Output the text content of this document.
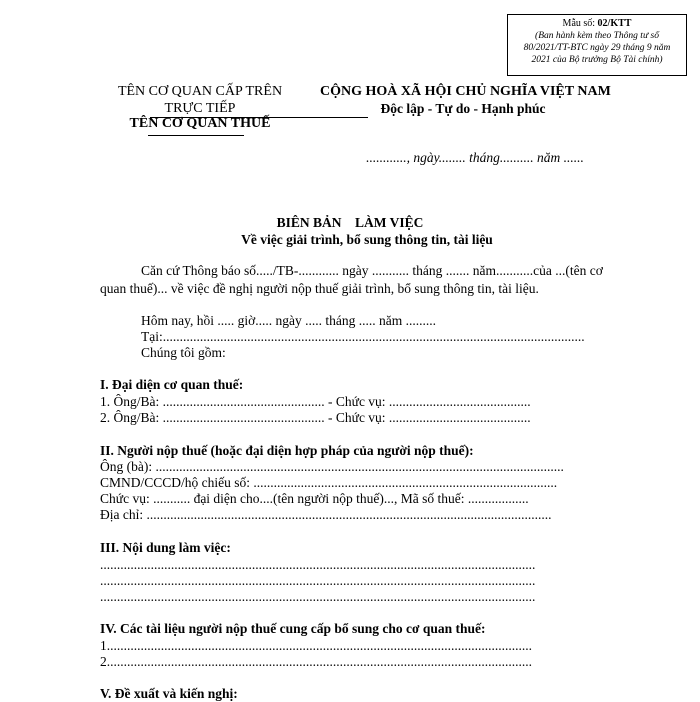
Mẫu số: 02/KTT
(Ban hành kèm theo Thông tư số
80/2021/TT-BTC ngày 29 tháng 9 năm
2021 của Bộ trưởng Bộ Tài chính)
TÊN CƠ QUAN CẤP TRÊN
TRỰC TIẾP
TÊN CƠ QUAN THUẾ
CỘNG HOÀ XÃ HỘI CHỦ NGHĨA VIỆT NAM
Độc lập - Tự do - Hạnh phúc
............, ngày........ tháng.......... năm ......
BIÊN BẢN    LÀM VIỆC
Về việc giải trình, bổ sung thông tin, tài liệu
Căn cứ Thông báo số...../TB-............ ngày ........... tháng ....... năm...........của ...(tên cơ
quan thuế)... về việc đề nghị người nộp thuế giải trình, bổ sung thông tin, tài liệu.
Hôm nay, hồi ..... giờ..... ngày ..... tháng ..... năm .........
Tại:.............................................................................................................................
Chúng tôi gồm:
I. Đại diện cơ quan thuế:
1. Ông/Bà: ................................................ - Chức vụ: ..........................................
2. Ông/Bà: ................................................ - Chức vụ: ..........................................
II. Người nộp thuế (hoặc đại diện hợp pháp của người nộp thuế):
Ông (bà): .........................................................................................................................
CMND/CCCD/hộ chiếu số: ..........................................................................................
Chức vụ: ........... đại diện cho....(tên người nộp thuế)..., Mã số thuế: ..................
Địa chỉ: ........................................................................................................................
III. Nội dung làm việc:
.................................................................................................................................
.................................................................................................................................
.................................................................................................................................
IV. Các tài liệu người nộp thuế cung cấp bổ sung cho cơ quan thuế:
1..............................................................................................................................
2..............................................................................................................................
V. Đề xuất và kiến nghị:
